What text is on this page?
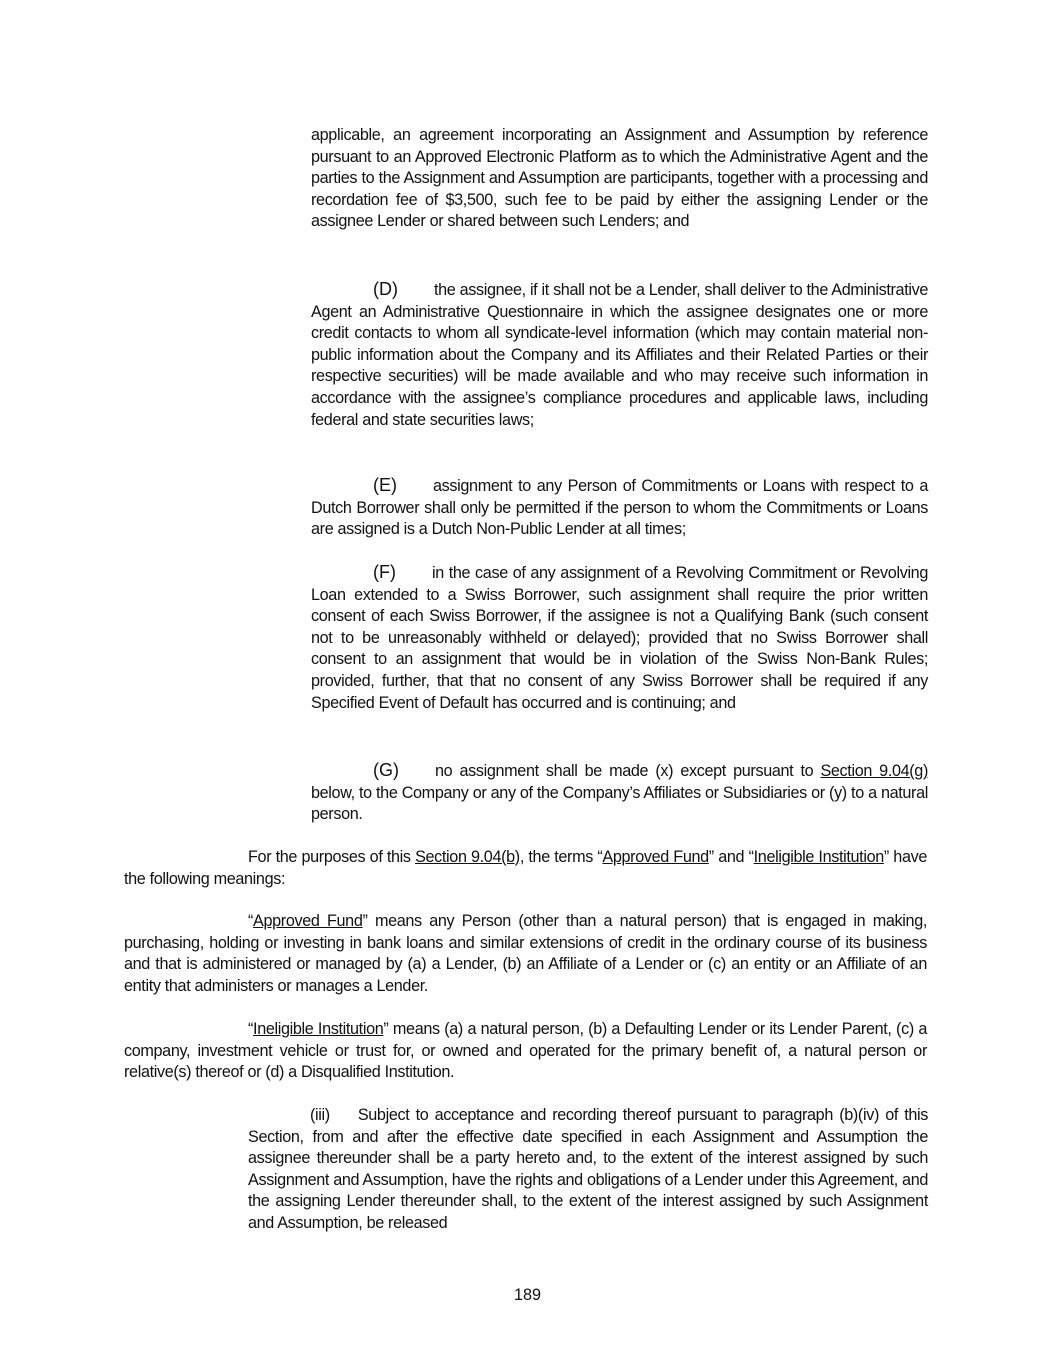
applicable, an agreement incorporating an Assignment and Assumption by reference pursuant to an Approved Electronic Platform as to which the Administrative Agent and the parties to the Assignment and Assumption are participants, together with a processing and recordation fee of $3,500, such fee to be paid by either the assigning Lender or the assignee Lender or shared between such Lenders; and

(D) the assignee, if it shall not be a Lender, shall deliver to the Administrative Agent an Administrative Questionnaire in which the assignee designates one or more credit contacts to whom all syndicate-level information (which may contain material non-public information about the Company and its Affiliates and their Related Parties or their respective securities) will be made available and who may receive such information in accordance with the assignee’s compliance procedures and applicable laws, including federal and state securities laws;

(E) assignment to any Person of Commitments or Loans with respect to a Dutch Borrower shall only be permitted if the person to whom the Commitments or Loans are assigned is a Dutch Non-Public Lender at all times;

(F) in the case of any assignment of a Revolving Commitment or Revolving Loan extended to a Swiss Borrower, such assignment shall require the prior written consent of each Swiss Borrower, if the assignee is not a Qualifying Bank (such consent not to be unreasonably withheld or delayed); provided that no Swiss Borrower shall consent to an assignment that would be in violation of the Swiss Non-Bank Rules; provided, further, that that no consent of any Swiss Borrower shall be required if any Specified Event of Default has occurred and is continuing; and

(G) no assignment shall be made (x) except pursuant to Section 9.04(g) below, to the Company or any of the Company’s Affiliates or Subsidiaries or (y) to a natural person.

For the purposes of this Section 9.04(b), the terms “Approved Fund” and “Ineligible Institution” have the following meanings:

“Approved Fund” means any Person (other than a natural person) that is engaged in making, purchasing, holding or investing in bank loans and similar extensions of credit in the ordinary course of its business and that is administered or managed by (a) a Lender, (b) an Affiliate of a Lender or (c) an entity or an Affiliate of an entity that administers or manages a Lender.

“Ineligible Institution” means (a) a natural person, (b) a Defaulting Lender or its Lender Parent, (c) a company, investment vehicle or trust for, or owned and operated for the primary benefit of, a natural person or relative(s) thereof or (d) a Disqualified Institution.

(iii) Subject to acceptance and recording thereof pursuant to paragraph (b)(iv) of this Section, from and after the effective date specified in each Assignment and Assumption the assignee thereunder shall be a party hereto and, to the extent of the interest assigned by such Assignment and Assumption, have the rights and obligations of a Lender under this Agreement, and the assigning Lender thereunder shall, to the extent of the interest assigned by such Assignment and Assumption, be released

189
